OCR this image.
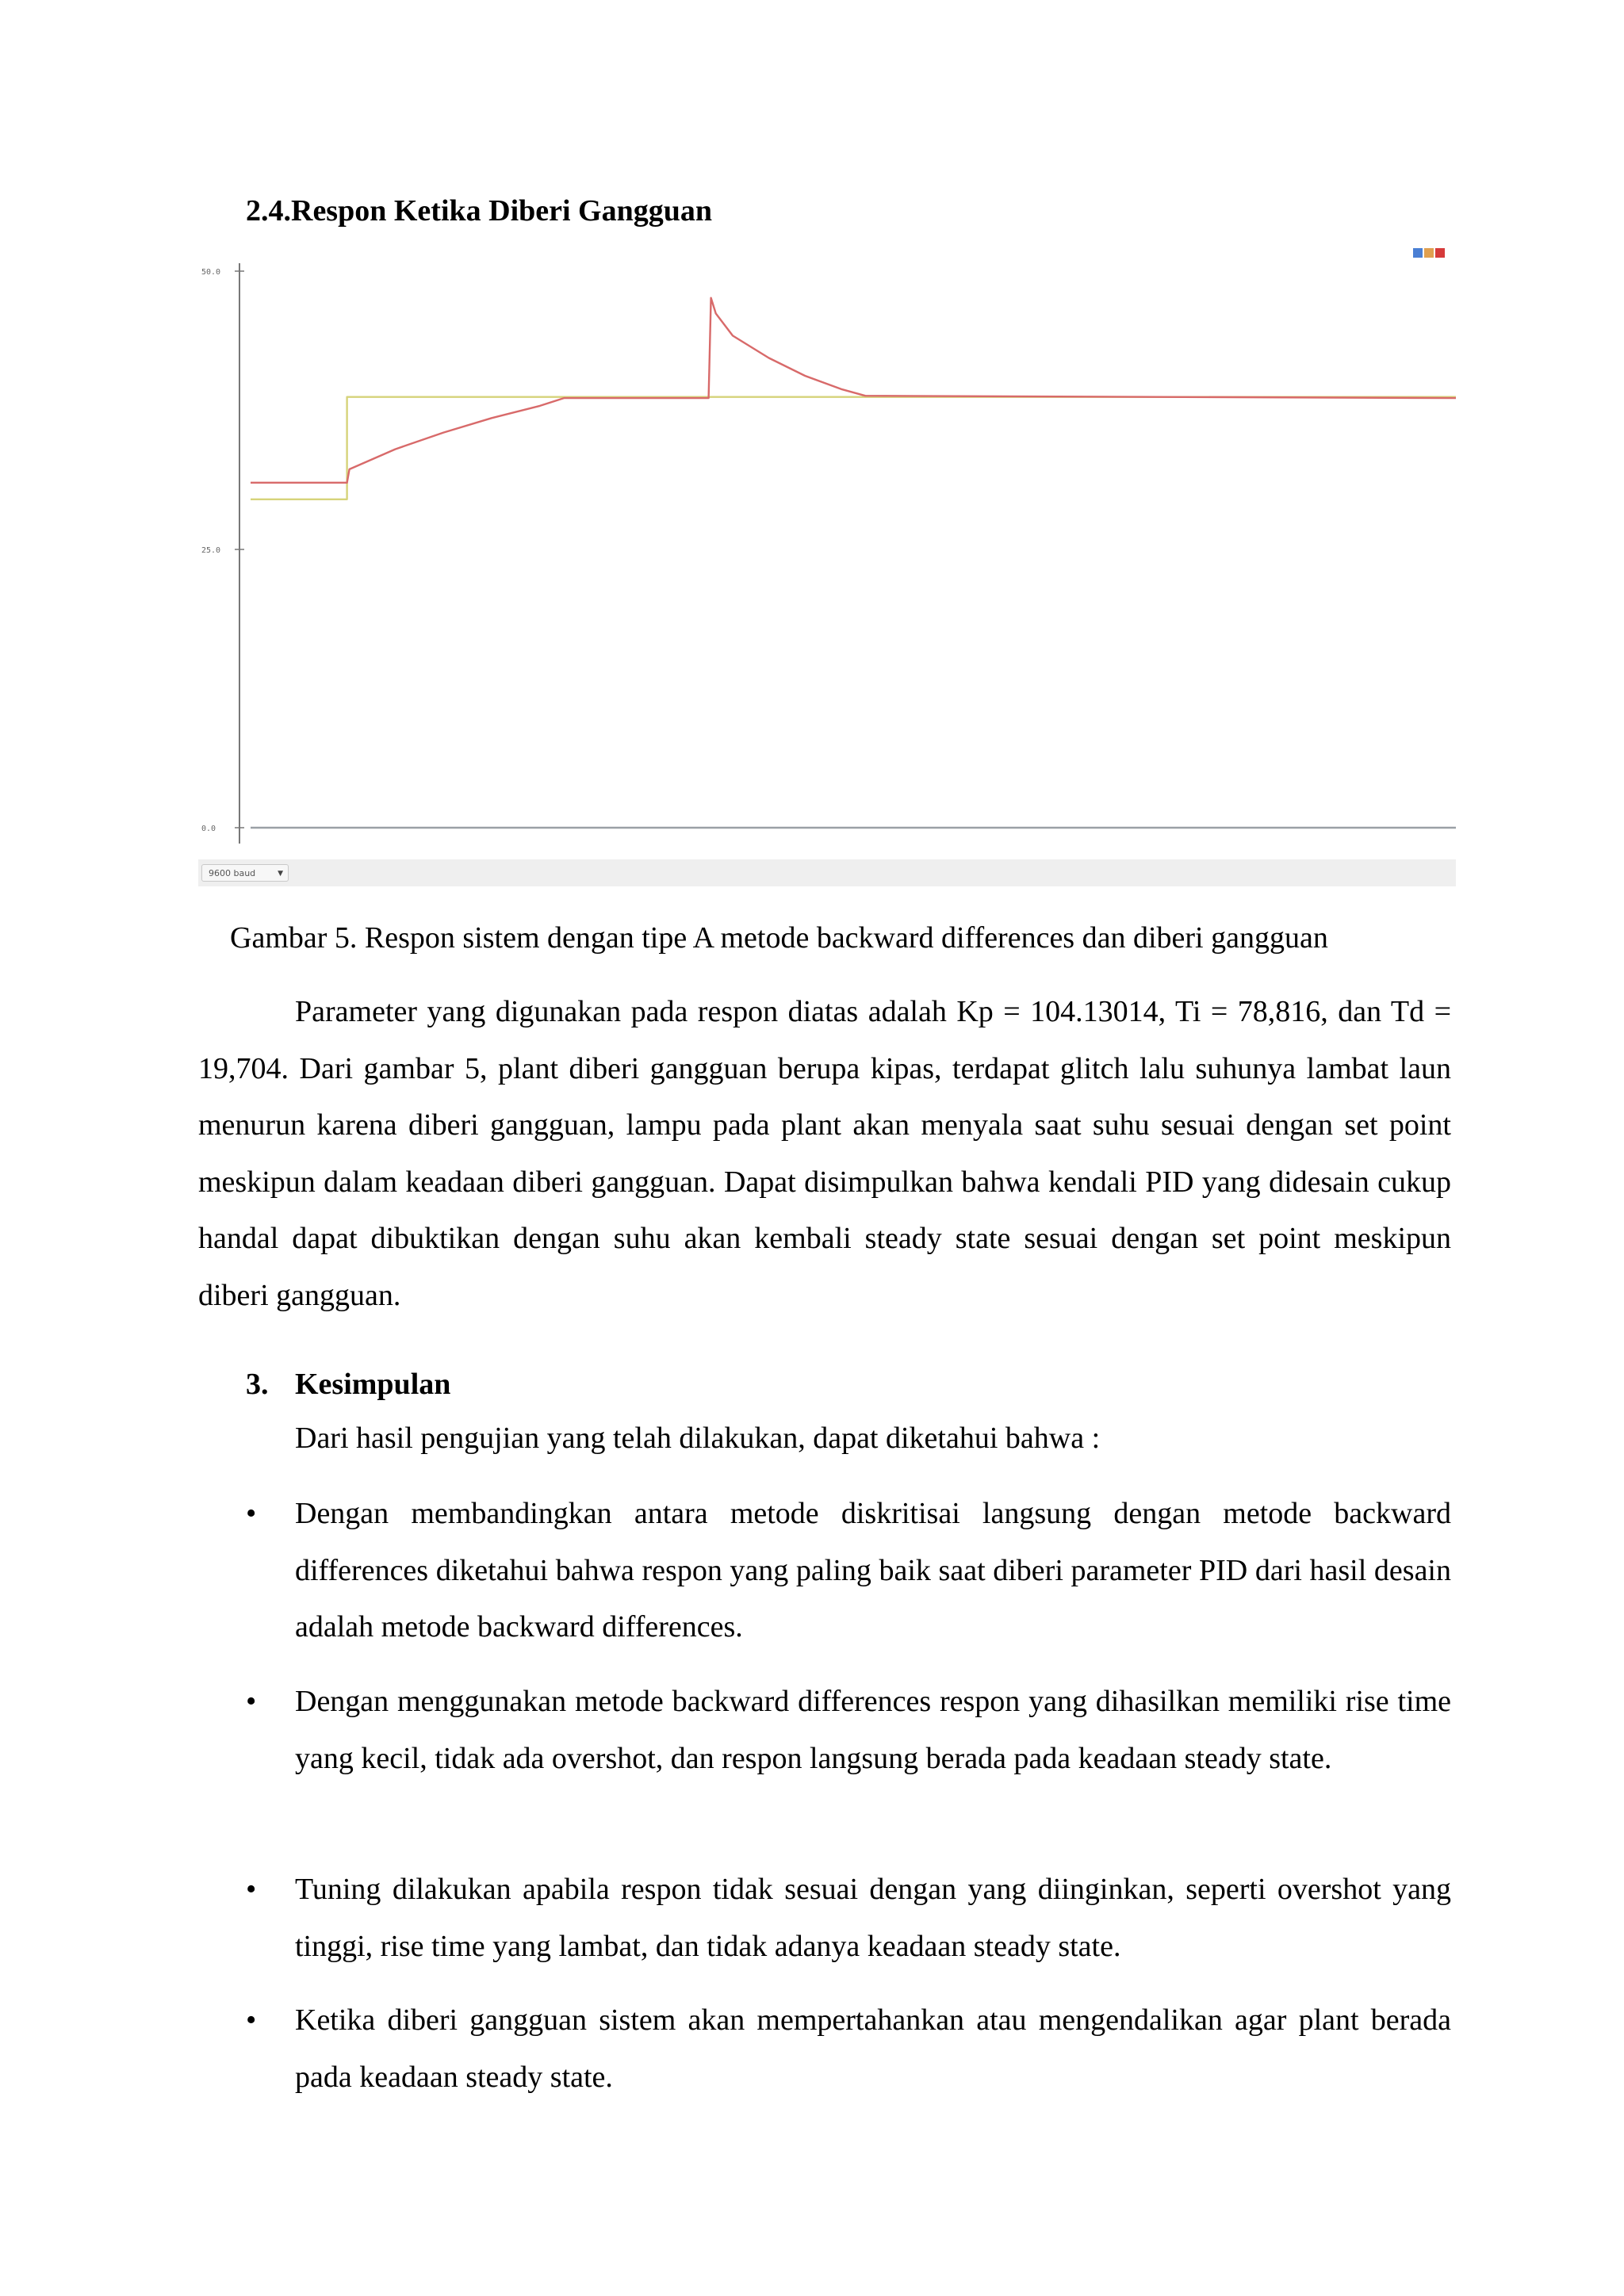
2.4.Respon Ketika Diberi Gangguan
50.0
25.0
0.0
9600 baud	▼
Gambar 5. Respon sistem dengan tipe A metode backward differences dan diberi gangguan
Parameter yang digunakan pada respon diatas adalah Kp = 104.13014, Ti = 78,816, dan Td = 19,704. Dari gambar 5, plant diberi gangguan berupa kipas, terdapat glitch lalu suhunya lambat laun menurun karena diberi gangguan, lampu pada plant akan menyala saat suhu sesuai dengan set point meskipun dalam keadaan diberi gangguan. Dapat disimpulkan bahwa kendali PID yang didesain cukup handal dapat dibuktikan dengan suhu akan kembali steady state sesuai dengan set point meskipun diberi gangguan.
3. Kesimpulan
Dari hasil pengujian yang telah dilakukan, dapat diketahui bahwa :
• Dengan membandingkan antara metode diskritisai langsung dengan metode backward differences diketahui bahwa respon yang paling baik saat diberi parameter PID dari hasil desain adalah metode backward differences.
• Dengan menggunakan metode backward differences respon yang dihasilkan memiliki rise time yang kecil, tidak ada overshot, dan respon langsung berada pada keadaan steady state.
• Tuning dilakukan apabila respon tidak sesuai dengan yang diinginkan, seperti overshot yang tinggi, rise time yang lambat, dan tidak adanya keadaan steady state.
• Ketika diberi gangguan sistem akan mempertahankan atau mengendalikan agar plant berada pada keadaan steady state.
